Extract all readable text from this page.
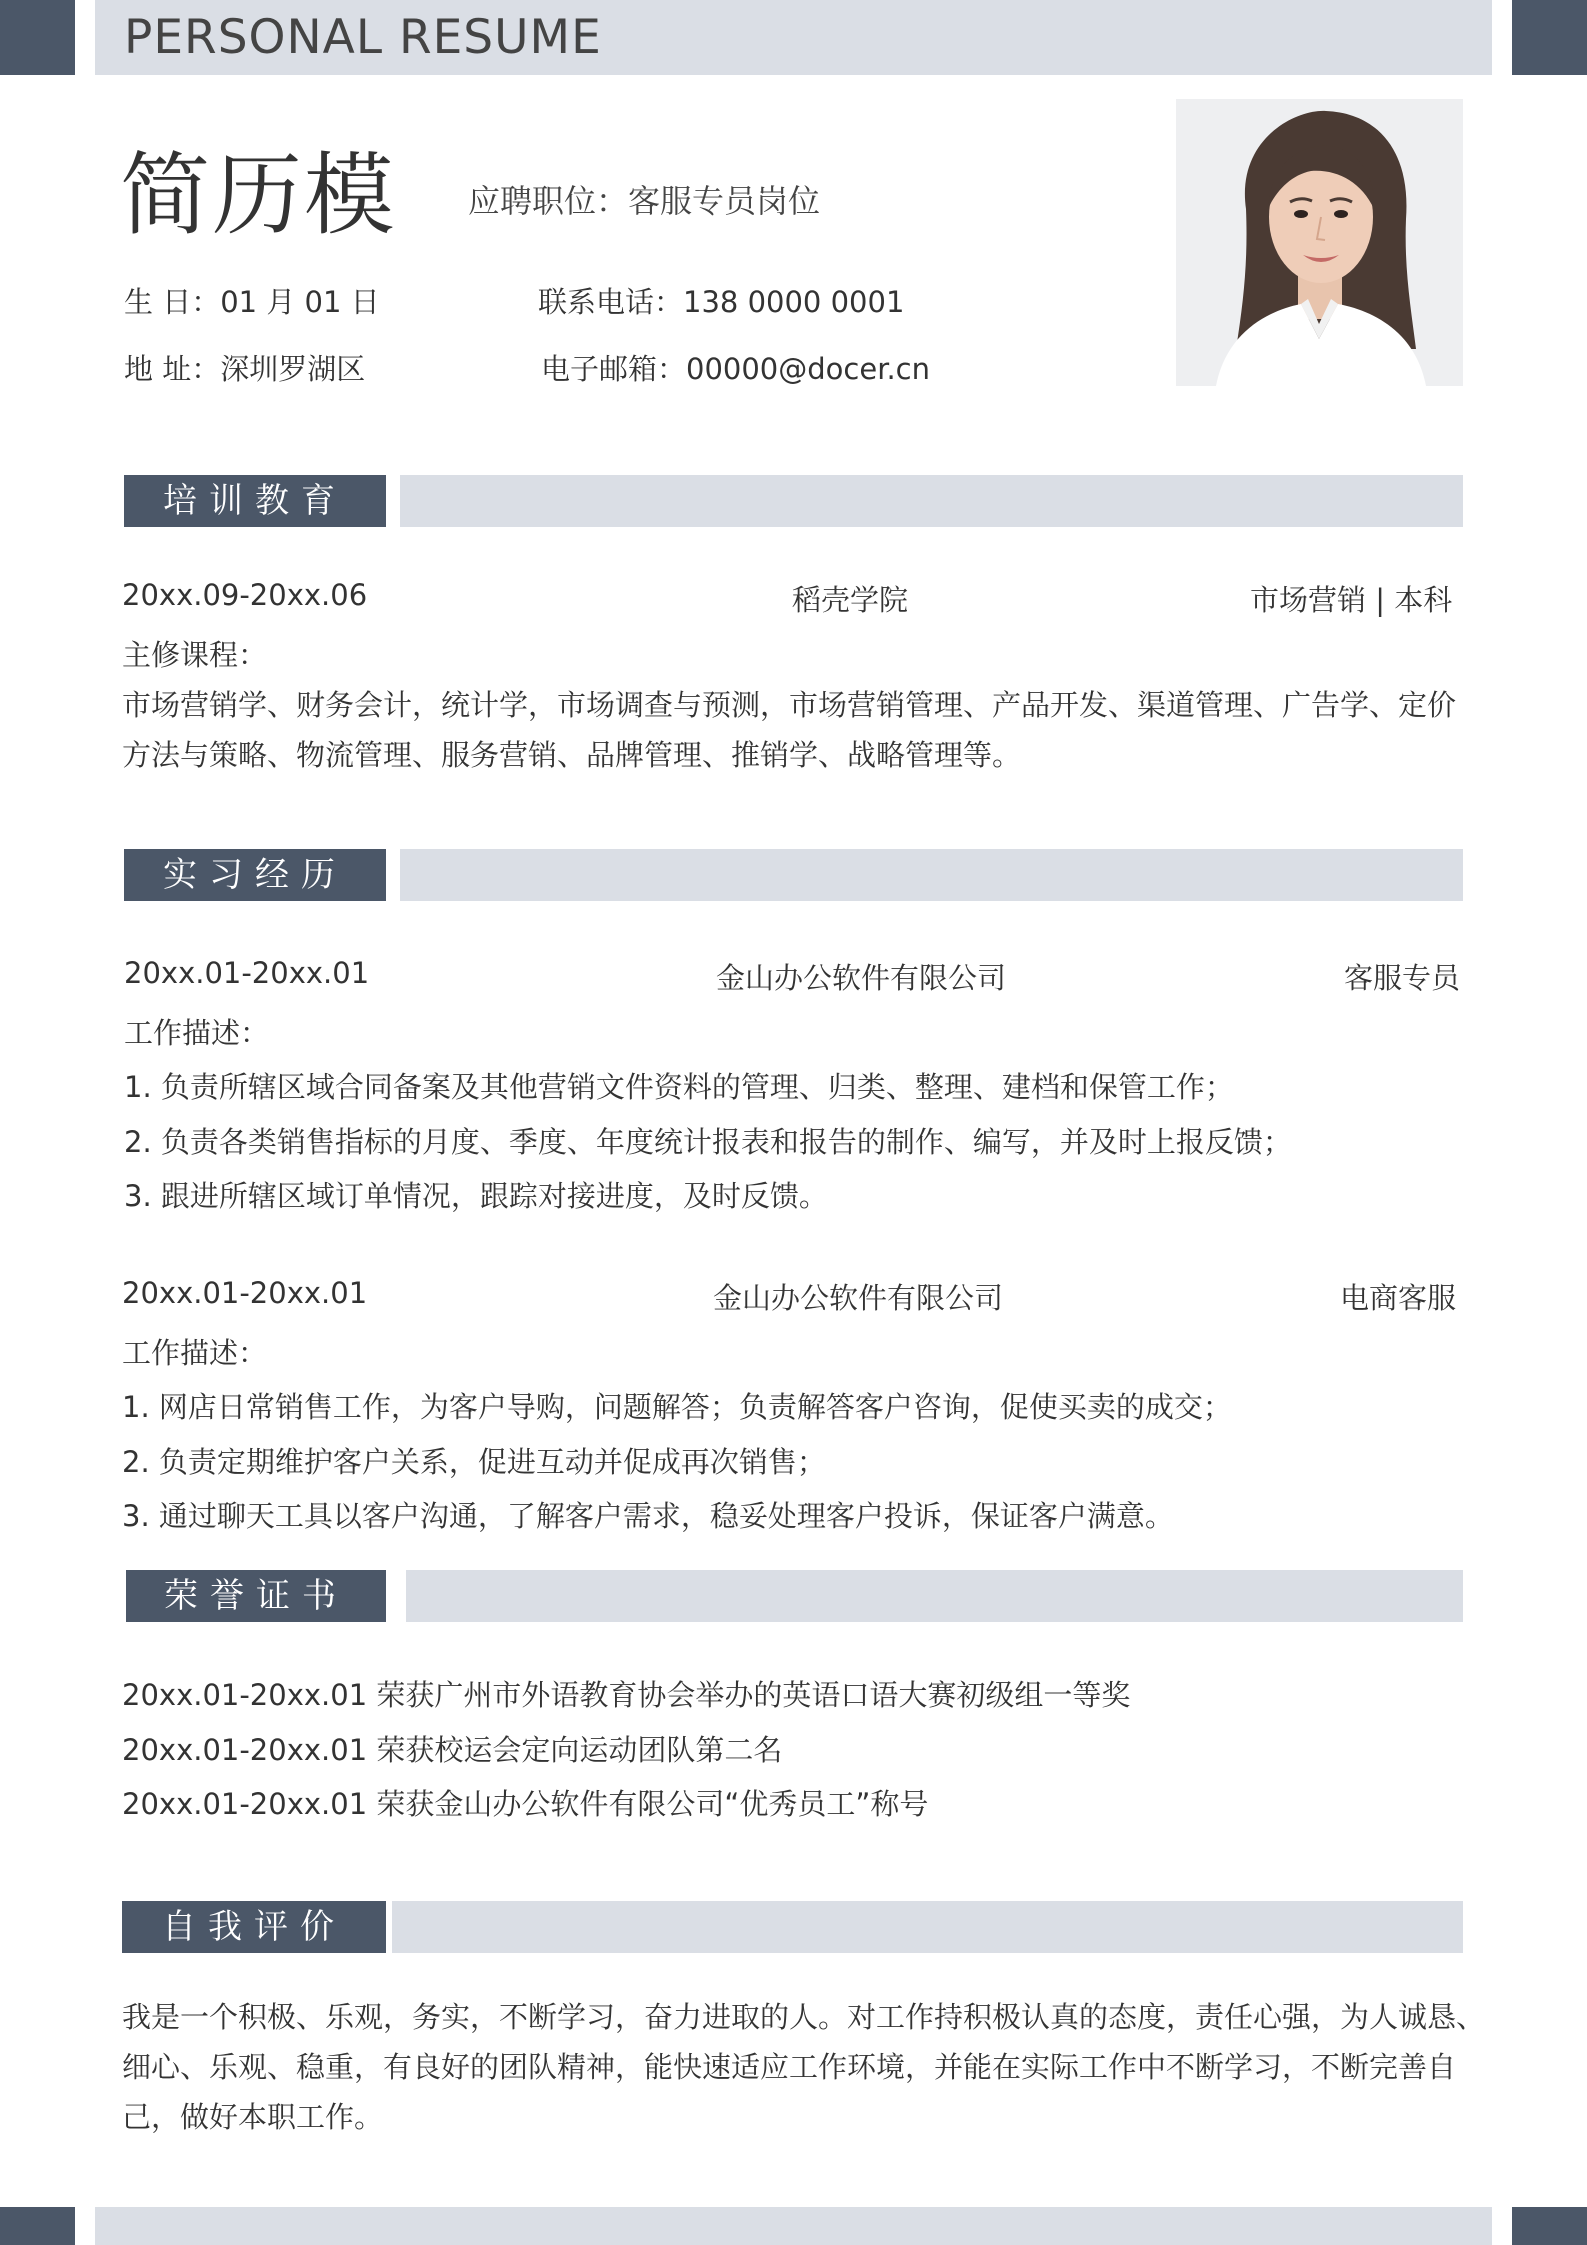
PERSONAL RESUME
简历模 应聘职位：客服专员岗位
生 日：01 月 01 日	联系电话：138 0000 0001
地 址：深圳罗湖区	电子邮箱：00000@docer.cn
培训教育
20xx.09-20xx.06	稻壳学院	市场营销 | 本科
主修课程：
市场营销学、财务会计，统计学，市场调查与预测，市场营销管理、产品开发、渠道管理、广告学、定价
方法与策略、物流管理、服务营销、品牌管理、推销学、战略管理等。
实习经历
20xx.01-20xx.01	金山办公软件有限公司	客服专员
工作描述：
1. 负责所辖区域合同备案及其他营销文件资料的管理、归类、整理、建档和保管工作；
2. 负责各类销售指标的月度、季度、年度统计报表和报告的制作、编写，并及时上报反馈；
3. 跟进所辖区域订单情况，跟踪对接进度，及时反馈。
20xx.01-20xx.01	金山办公软件有限公司	电商客服
工作描述：
1. 网店日常销售工作，为客户导购，问题解答；负责解答客户咨询，促使买卖的成交；
2. 负责定期维护客户关系，促进互动并促成再次销售；
3. 通过聊天工具以客户沟通，了解客户需求，稳妥处理客户投诉，保证客户满意。
荣誉证书
20xx.01-20xx.01 荣获广州市外语教育协会举办的英语口语大赛初级组一等奖
20xx.01-20xx.01 荣获校运会定向运动团队第二名
20xx.01-20xx.01 荣获金山办公软件有限公司“优秀员工”称号
自我评价
我是一个积极、乐观，务实，不断学习，奋力进取的人。对工作持积极认真的态度，责任心强，为人诚恳、
细心、乐观、稳重，有良好的团队精神，能快速适应工作环境，并能在实际工作中不断学习，不断完善自
己，做好本职工作。
